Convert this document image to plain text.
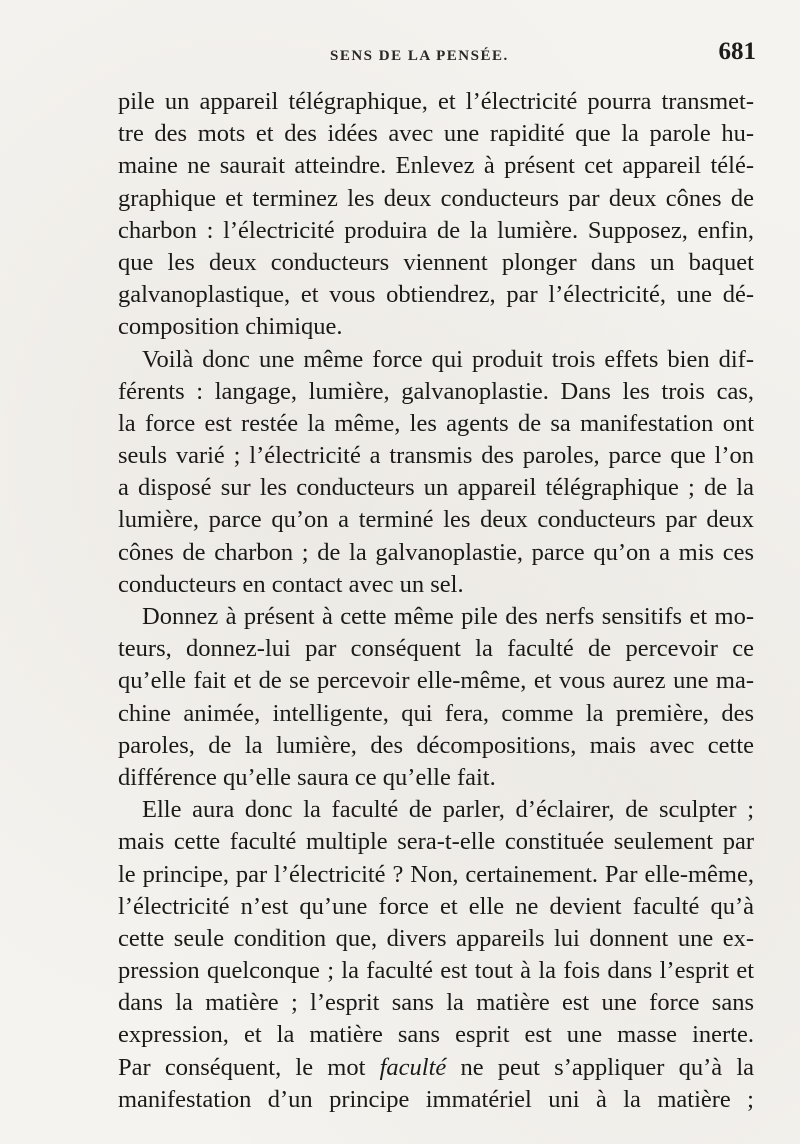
SENS DE LA PENSÉE.	681
pile un appareil télégraphique, et l’électricité pourra transmet-
tre des mots et des idées avec une rapidité que la parole hu-
maine ne saurait atteindre. Enlevez à présent cet appareil télé-
graphique et terminez les deux conducteurs par deux cônes de
charbon : l’électricité produira de la lumière. Supposez, enfin,
que les deux conducteurs viennent plonger dans un baquet
galvanoplastique, et vous obtiendrez, par l’électricité, une dé-
composition chimique.
Voilà donc une même force qui produit trois effets bien dif-
férents : langage, lumière, galvanoplastie. Dans les trois cas,
la force est restée la même, les agents de sa manifestation ont
seuls varié ; l’électricité a transmis des paroles, parce que l’on
a disposé sur les conducteurs un appareil télégraphique ; de la
lumière, parce qu’on a terminé les deux conducteurs par deux
cônes de charbon ; de la galvanoplastie, parce qu’on a mis ces
conducteurs en contact avec un sel.
Donnez à présent à cette même pile des nerfs sensitifs et mo-
teurs, donnez-lui par conséquent la faculté de percevoir ce
qu’elle fait et de se percevoir elle-même, et vous aurez une ma-
chine animée, intelligente, qui fera, comme la première, des
paroles, de la lumière, des décompositions, mais avec cette
différence qu’elle saura ce qu’elle fait.
Elle aura donc la faculté de parler, d’éclairer, de sculpter ;
mais cette faculté multiple sera-t-elle constituée seulement par
le principe, par l’électricité ? Non, certainement. Par elle-même,
l’électricité n’est qu’une force et elle ne devient faculté qu’à
cette seule condition que, divers appareils lui donnent une ex-
pression quelconque ; la faculté est tout à la fois dans l’esprit et
dans la matière ; l’esprit sans la matière est une force sans
expression, et la matière sans esprit est une masse inerte.
Par conséquent, le mot faculté ne peut s’appliquer qu’à la
manifestation d’un principe immatériel uni à la matière ;
